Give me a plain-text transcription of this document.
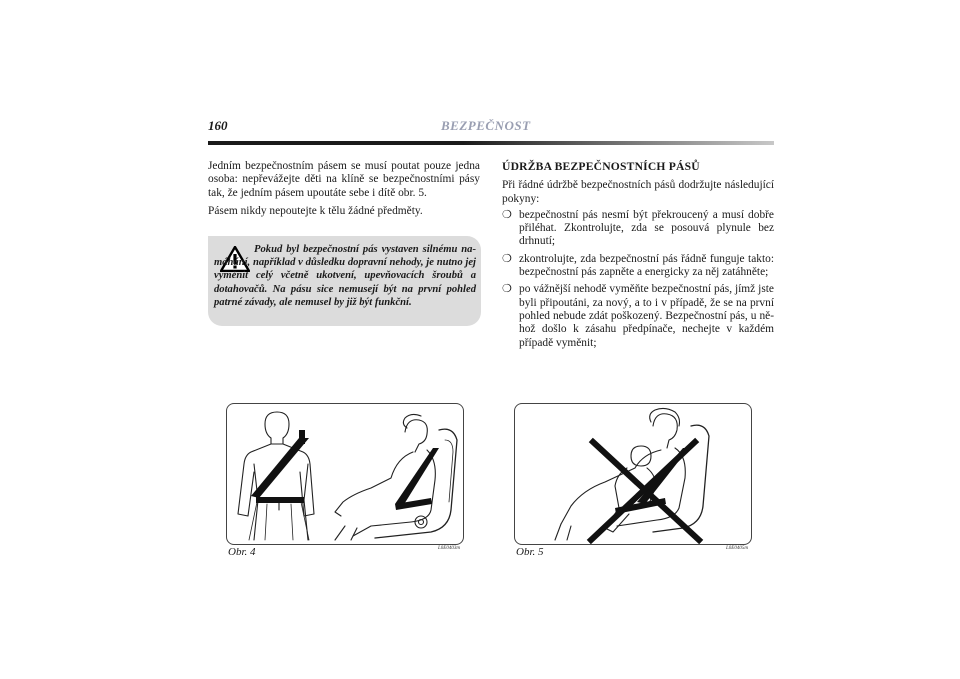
160	BEZPEČNOST

Jedním bezpečnostním pásem se musí poutat pouze jedna osoba: nepřevážejte děti na klíně se bezpečnostními pásy tak, že jedním pásem upoutáte sebe i dítě obr. 5.

Pásem nikdy nepoutejte k tělu žádné předměty.

Pokud byl bezpečnostní pás vystaven silnému namáhání, například v důsledku dopravní nehody, je nutno jej vyměnit celý včetně ukotvení, upevňovacích šroubů a dotahovačů. Na pásu sice nemusejí být na první pohled patrné závady, ale nemusel by již být funkční.
ÚDRŽBA BEZPEČNOSTNÍCH PÁSŮ

Při řádné údržbě bezpečnostních pásů dodržujte následující pokyny:

❍ bezpečnostní pás nesmí být překroucený a musí dobře přiléhat. Zkontrolujte, zda se posouvá plynule bez drhnutí;
❍ zkontrolujte, zda bezpečnostní pás řádně funguje takto: bezpečnostní pás zapněte a energicky za něj zatáhněte;
❍ po vážnější nehodě vyměňte bezpečnostní pás, jímž jste byli připoutáni, za nový, a to i v případě, že se na první pohled nebude zdát poškozený. Bezpečnostní pás, u něhož došlo k zásahu předpínače, nechejte v každém případě vyměnit;
Obr. 4	L0E0403m	Obr. 5	L0E0405m
